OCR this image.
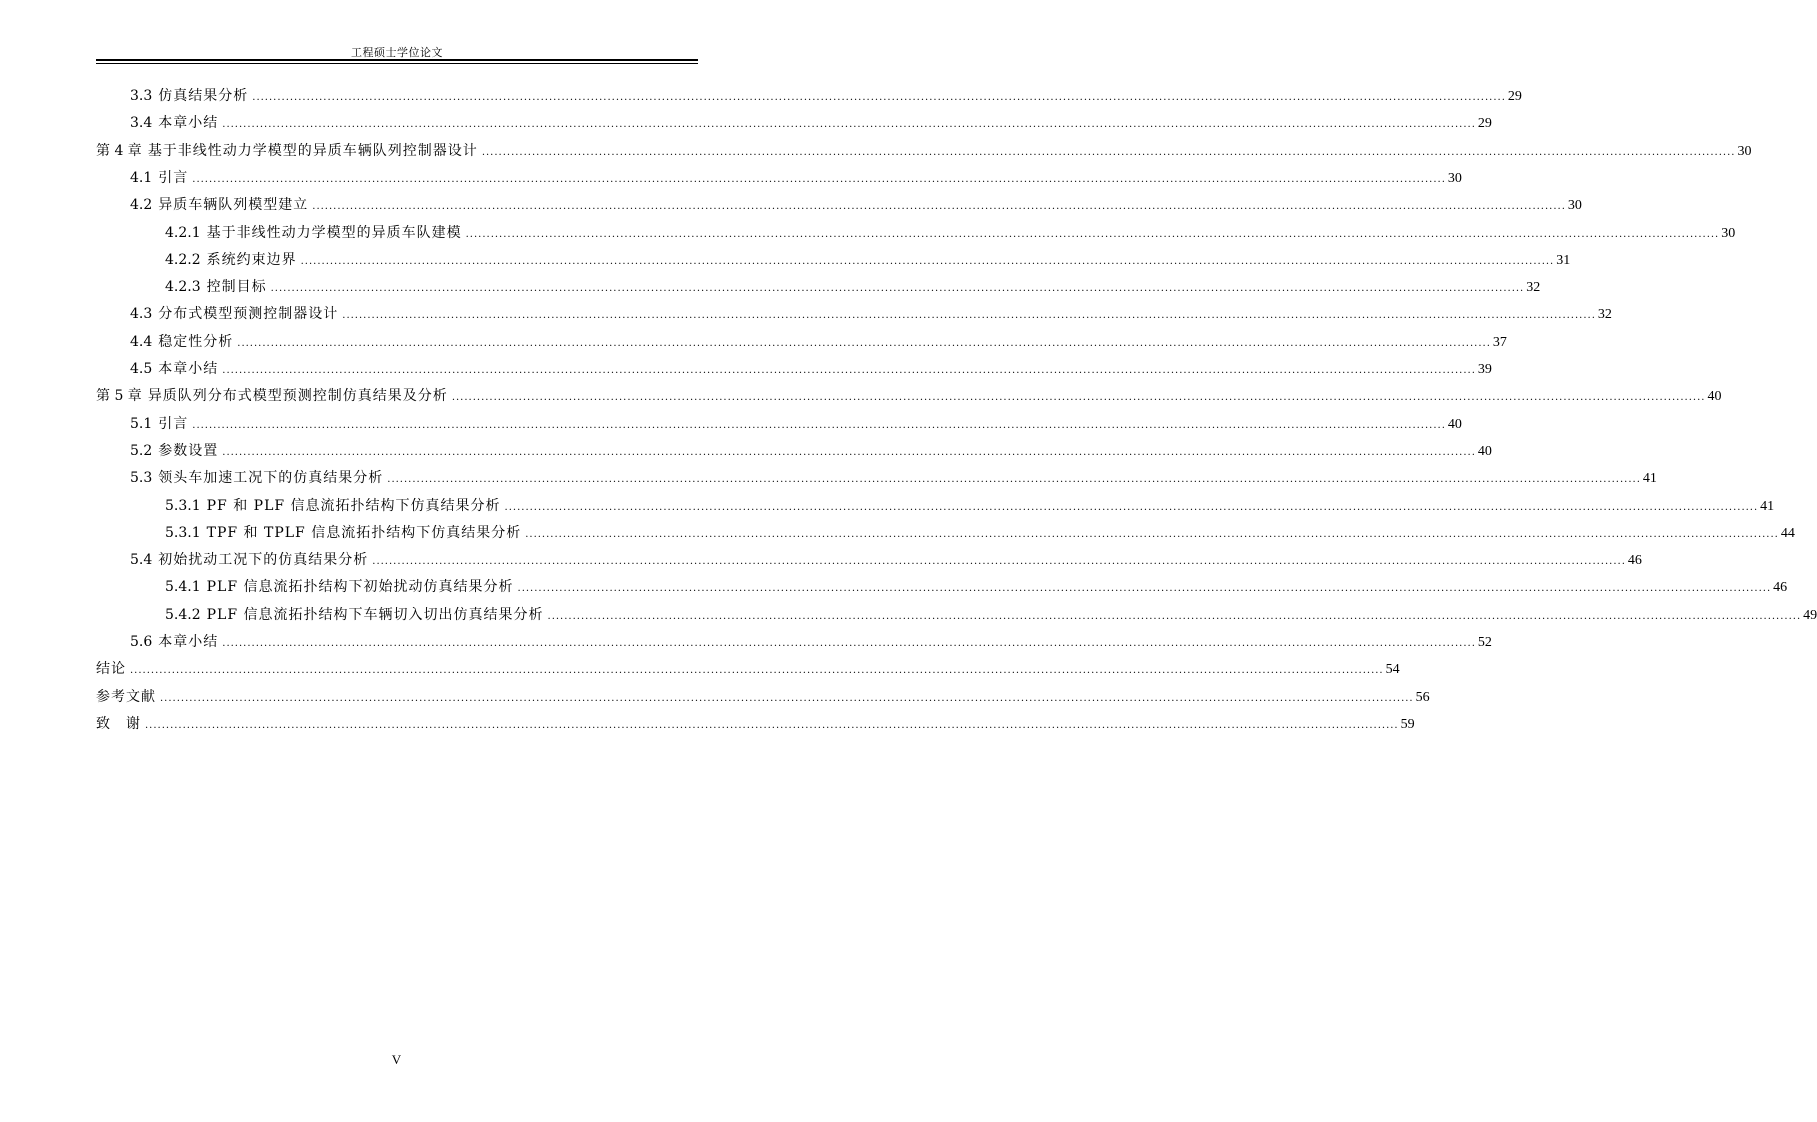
工程硕士学位论文
3.3 仿真结果分析 ............................................................................................................................................................................................................................................................................................................ 29
3.4 本章小结 ............................................................................................................................................................................................................................................................................................................ 29
第 4 章 基于非线性动力学模型的异质车辆队列控制器设计 ............................................................................................................................................................................................................................................................................................................ 30
4.1 引言 ............................................................................................................................................................................................................................................................................................................ 30
4.2 异质车辆队列模型建立 ............................................................................................................................................................................................................................................................................................................ 30
4.2.1 基于非线性动力学模型的异质车队建模 ............................................................................................................................................................................................................................................................................................................ 30
4.2.2 系统约束边界 ............................................................................................................................................................................................................................................................................................................ 31
4.2.3 控制目标 ............................................................................................................................................................................................................................................................................................................ 32
4.3 分布式模型预测控制器设计 ............................................................................................................................................................................................................................................................................................................ 32
4.4 稳定性分析 ............................................................................................................................................................................................................................................................................................................ 37
4.5 本章小结 ............................................................................................................................................................................................................................................................................................................ 39
第 5 章 异质队列分布式模型预测控制仿真结果及分析 ............................................................................................................................................................................................................................................................................................................ 40
5.1 引言 ............................................................................................................................................................................................................................................................................................................ 40
5.2 参数设置 ............................................................................................................................................................................................................................................................................................................ 40
5.3 领头车加速工况下的仿真结果分析 ............................................................................................................................................................................................................................................................................................................ 41
5.3.1 PF 和 PLF 信息流拓扑结构下仿真结果分析 ............................................................................................................................................................................................................................................................................................................ 41
5.3.1 TPF 和 TPLF 信息流拓扑结构下仿真结果分析 ............................................................................................................................................................................................................................................................................................................ 44
5.4 初始扰动工况下的仿真结果分析 ............................................................................................................................................................................................................................................................................................................ 46
5.4.1 PLF 信息流拓扑结构下初始扰动仿真结果分析 ............................................................................................................................................................................................................................................................................................................ 46
5.4.2 PLF 信息流拓扑结构下车辆切入切出仿真结果分析 ............................................................................................................................................................................................................................................................................................................ 49
5.6 本章小结 ............................................................................................................................................................................................................................................................................................................ 52
结论 ............................................................................................................................................................................................................................................................................................................ 54
参考文献 ............................................................................................................................................................................................................................................................................................................ 56
致　谢 ............................................................................................................................................................................................................................................................................................................ 59
V
